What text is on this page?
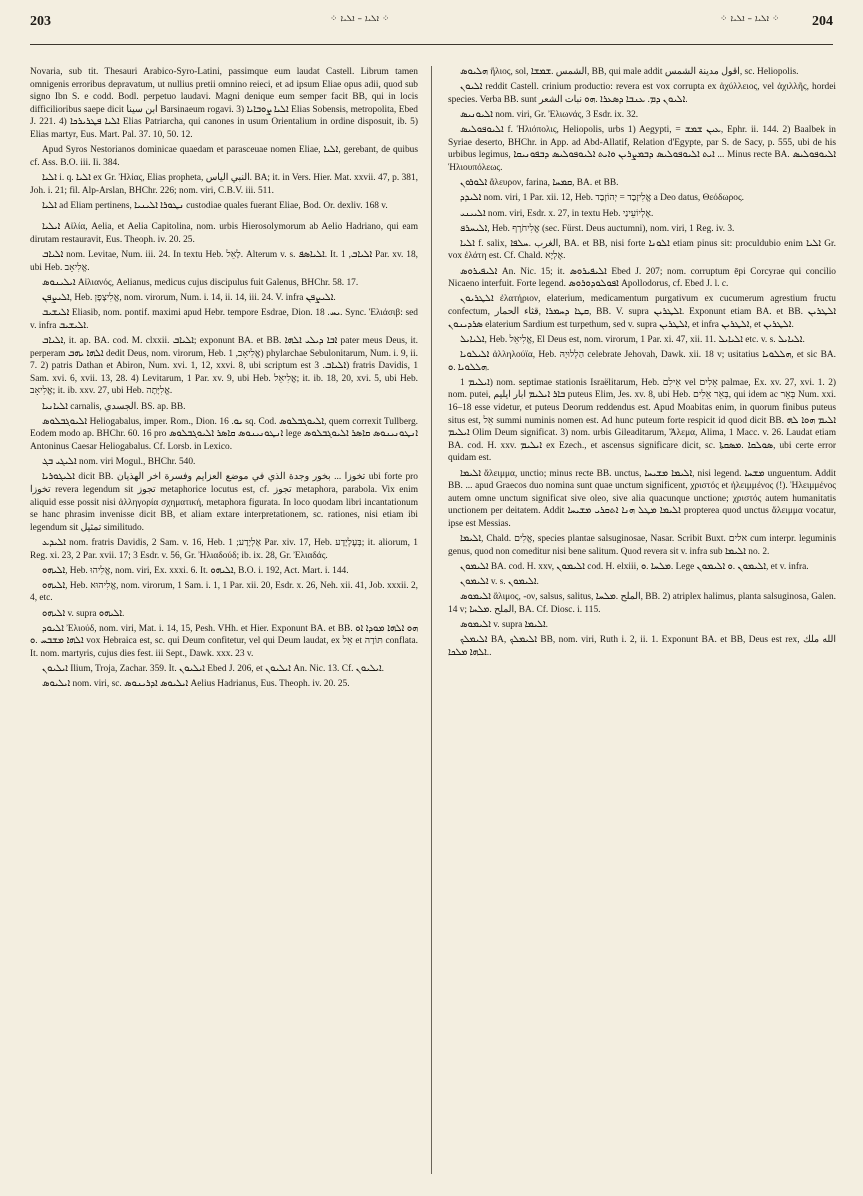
203	⁘ ܐܠܝܐ – ܐܠܝܐ ⁘	⁘ ܐܠܝܐ – ܐܠܝܐ ⁘ 204

Novaria, sub tit. Thesauri Arabico-Syro-Latini, passimque eum laudat Castell. Librum tamen omnigenis erroribus depravatum, ut nullius pretii omnino reieci, et ad ipsum Eliae opus adii, quod sub signo Ibn S. e codd. Bodl. perpetuo laudavi. Magni denique eum semper facit BB, qui in locis difficilioribus saepe dicit ابن سينا Barsinaeum rogavi. 3) ܐܠܝܐ ܨܘܒܐܝܐ Elias Sobensis, metropolita, Ebed J. 221. 4) ܐܠܝܐ ܦܛܪܝܪܟܐ Elias Patriarcha, qui canones in usum Orientalium in ordine disposuit, ib. 5) Elias martyr, Eus. Mart. Pal. 37. 10, 50. 12.

Apud Syros Nestorianos dominicae quaedam et parasceuae nomen Eliae, ܐܠܝܐ, gerebant, de quibus cf. Ass. B.O. iii. Ii. 384.

ܐܠܝܐ i. q. ܐܠܝܐ ex Gr. Ἠλίας, Elias propheta, النبي الياس. BA; it. in Vers. Hier. Mat. xxvii. 47, p. 381, Joh. i. 21; fil. Alp-Arslan, BHChr. 226; nom. viri, C.B.V. iii. 511.

ܐܠܝܐ ad Eliam pertinens, ܢܛܘܪܐ ܐܠܝܢܝܐ custodiae quales fuerant Eliae, Bod. Or. dexliv. 168 v.

ܐܝܠܝܐ Αἰλία, Aelia, et Aelia Capitolina, nom. urbis Hierosolymorum ab Aelio Hadriano, qui eam dirutam restauravit, Eus. Theoph. iv. 20. 25.

ܐܠܝܐܒ nom. Levitae, Num. iii. 24. In textu Heb. לָאֵל. Alterum v. s. ܐܠܝܐܣܦ. It. ܐܠܝܐܒ, 1 Par. xv. 18, ubi Heb. אֱלִיאָב.

ܐܝܠܝܢܘܣ Αἰλιανός, Aelianus, medicus cujus discipulus fuit Galenus, BHChr. 58. 17.

ܐܠܝܨܦܢ, Heb. אֱלִיצָפָן, nom. virorum, Num. i. 14, ii. 14, iii. 24. V. infra ܐܠܝܨܦܢ.

ܐܠܝܫܝܒ Eliasib, nom. pontif. maximi apud Hebr. tempore Esdrae, Dion. ܝܚ. 18. Sync. Ἐλιάσιβ: sed v. infra ܐܠܝܫܝܒ.

ܐܠܝܐܒ, it. ap. BA. cod. M. clxxii. ܐܠܝܐܒ; exponunt BA. et BB. ܐܒܐ ܕܝܠܝ ܐܠܗܐ pater meus Deus, it. perperam ܐܠܗܐ ܝܗܒ dedit Deus, nom. virorum, Heb. אֱלִיאָב, 1) phylarchae Sebulonitarum, Num. i. 9, ii. 7. 2) patris Dathan et Abiron, Num. xvi. 1, 12, xxvi. 8, ubi scriptum est ܐܠܝܐܒ. 3) fratris Davidis, 1 Sam. xvi. 6, xvii. 13, 28. 4) Levitarum, 1 Par. xv. 9, ubi Heb. אֱלִיאֵל; it. ib. 18, 20, xvi. 5, ubi Heb. אֱלִיאָב; it. ib. xxv. 27, ubi Heb. אֱלִיָּתָה.

ܐܠܝܐܢܝܐ carnalis, الجسدي. BS. ap. BB.

ܐܠܝܘܓܒܠܘܣ Heliogabalus, imper. Rom., Dion. ܝܘ. 16 sq. Cod. ܐܠܝܘܓܒܠܘܣ, quem correxit Tullberg. Eodem modo ap. BHChr. 60. 16 pro ܐܢܛܘܢܝܢܘܣ ܩܐܣܪ ܐܠܝܘܓܒܠܘܣ lege ܐܢܛܘܢܝܢܘܣ ܩܐܣܪ ܐܠܝܘܓܒܠܘܣ Antoninus Caesar Heliogabalus. Cf. Lorsb. in Lexico.

ܐܠܝܓܝ ܒܓ nom. viri Mogul., BHChr. 540.

ܐܠܝܓܘܪܝܐ dicit BB. تخوزا ... بخور وجدة الذي في موضع العزايم وفسرة اخر الهذيان ubi forte pro تخوزا revera legendum sit تجوز metaphorice locutus est, cf. تجوز metaphora, parabola. Vix enim aliquid esse possit nisi ἀλληγορία σχηματική, metaphora figurata. In loco quodam libri incantationum se hanc phrasim invenisse dicit BB, et aliam extare interpretationem, sc. rationes, nisi etiam ibi legendum sit تمثيل similitudo.

ܐܠܝܕܥ nom. fratris Davidis, 2 Sam. v. 16, Heb. אֶלְיָדָע; 1 Par. xiv. 17, Heb. בְּעֶלְיָדָע; it. aliorum, 1 Reg. xi. 23, 2 Par. xvii. 17; 3 Esdr. v. 56, Gr. Ἠλιαδούδ; ib. ix. 28, Gr. Ἐλιαδάς.

ܐܠܝܗܘ, Heb. אֱלִיהוּ, nom. viri, Ex. xxxi. 6. It. ܐܠܝܗܘ, B.O. i. 192, Act. Mart. i. 144.

ܐܠܝܗܘ, Heb. אֱלִיהוּא, nom. virorum, 1 Sam. i. 1, 1 Par. xii. 20, Esdr. x. 26, Neh. xii. 41, Job. xxxii. 2, 4, etc.

ܐܠܝܗܘ v. supra ܐܠܝܗܘ.

ܐܠܝܘܕ Ἐλιούδ, nom. viri, Mat. i. 14, 15, Pesh. VHh. et Hier. Exponunt BA. et BB. ܗܘ ܐܠܗܐ ܡܘܕܐ ܐܘ ܐܠܗܐ ܡܫܒܚ .ܘ vox Hebraica est, sc. qui Deum confitetur, vel qui Deum laudat, ex אֵל et תּוֹדָה conflata. It. nom. martyris, cujus dies fest. iii Sept., Dawk. xxx. 23 v.

ܐܝܠܝܘܢ Ilium, Troja, Zachar. 359. It. ܐܝܠܝܘܢ Ebed J. 206, et ܐܝܠܝܘܢ An. Nic. 13. Cf. ܐܝܠܝܘܢ.

ܐܝܠܝܘܣ nom. viri, sc. ܐܝܠܝܘܣ ܐܕܪܝܢܘܣ Aelius Hadrianus, Eus. Theoph. iv. 20. 25.

ܗܠܝܘܣ ἥλιος, sol, الشمس .ܫܡܫܐ, BB, qui male addit اقول مدينة الشمس, sc. Heliopolis.

ܐܠܝܘܢ reddit Castell. crinium productio: revera est vox corrupta ex ἀχύλλειος, vel ἀχιλλῆς, hordei species. Verba BB. sunt ܐܠܝܘܢ ܕܡ. ܥܢܒܐ ܕܣܥܪܐ .ܗܘ نبات الشعر.

ܐܠܝܘܢܝܣ nom. viri, Gr. Ἐλιωνάς, 3 Esdr. ix. 32.

ܐܠܝܘܦܘܠܝܣ f. Ἡλιόπολις, Heliopolis, urbs 1) Aegypti, = ܥܝܢ ܫܡܫ, Ephr. ii. 144. 2) Baalbek in Syriae deserto, BHChr. in App. ad Abd-Allatif, Relation d'Egypte, par S. de Sacy, p. 555, ubi de his urbibus legimus, ܐܝܬ ܐܠܝܘܦܘܠܝܣ ܕܒܡܨܪܝܢ ܘܐܝܬ ܐܠܝܘܦܘܠܝܣ ܕܒܦܘܢܝܩܐ ... Minus recte BA. ܐܠܝܘܦܘܠܝܣ Ἡλιουπόλεως.

ܐܠܘܪܘܢ ἄλευρον, farina, ܩܡܚܐ, BA. et BB.

ܐܠܝܕܕ nom. viri, 1 Par. xii. 12, Heb. אֱלִיזָבָד = יְהוֹזָבָד a Deo datus, Θεόδωρος.

ܐܠܝܝܢܝ nom. viri, Esdr. x. 27, in textu Heb. אֶלְיוֹעֵינַי.

ܐܠܝܚܪܦ, Heb. אֱלִיחֹרֶף (sec. Fürst. Deus auctumni), nom. viri, 1 Reg. iv. 3.

ܐܠܝܐ f. salix, الغرب .ܚܠܦܐ, BA. et BB, nisi forte ܐܠܘܢܐ etiam pinus sit: proculdubio enim ܐܠܝܐ Gr. vox ἐλάτη est. Cf. Chald. אֶלְיָא.

ܐܠܝܦܝܪܘܣ An. Nic. 15; it. ܐܠܝܦܝܪܘܣ Ebed J. 207; nom. corruptum ēpi Corcyrae qui concilio Nicaeno interfuit. Forte legend. ܐܦܘܠܘܕܘܪܘܣ Apollodorus, cf. Ebed J. l. c.

ܐܠܛܪܝܘܢ ἐλατήριον, elaterium, medicamentum purgativum ex cucumerum agrestium fructu confectum, ܩܛܐ ܕܚܡܪܐ ,قثاء الحمار, BB. V. supra ܐܠܛܪܝܢ. Exponunt etiam BA. et BB. ܐܠܛܪܝܢ ܣܪܕܝܢܘܢ elaterium Sardium est turpethum, sed v. supra ܐܠܛܪܝܢ, et infra ܐܠܛܪܝܢ, et ܐܠܛܪܝܢ.

ܐܠܝܐܝܠ, Heb. אֱלִיאֵל, El Deus est, nom. virorum, 1 Par. xi. 47, xii. 11. ܐܠܝܐܝܠ etc. v. s. ܐܠܝܐܝܠ.

ܐܠܝܠܘܝܐ ἀλληλούϊα, Heb. הַלְלוּיָהּ celebrate Jehovah, Dawk. xii. 18 v; usitatius ܗܠܠܘܝܐ, et sic BA. ܗܠܠܘܝܐ .ܘ.

ܐܝܠܝܡ 1) nom. septimae stationis Israëlitarum, Heb. אֵילִם vel אֵלִים palmae, Ex. xv. 27, xvi. 1. 2) nom. putei, ܒܐܪ ܐܝܠܝܡ ابار ايليم puteus Elim, Jes. xv. 8, ubi Heb. בְּאֵר אֵלִים, qui idem ac בְּאֵר Num. xxi. 16–18 esse videtur, et puteus Deorum reddendus est. Apud Moabitas enim, in quorum finibus puteus situs est, אֵל summi numinis nomen est. Ad hunc puteum forte respicit id quod dicit BB. ܐܠܝܡ ܗܘܐ ܠܗ ܐܝܠܝܡ Olim Deum significat. 3) nom. urbis Gileaditarum, Ἄλεμα, Alima, 1 Macc. v. 26. Laudat etiam BA. cod. H. xxv. ܐܝܠܝܡ ex Ezech., et ascensus significare dicit, sc. ܣܘܠܩܐ .ܡܣܩܬܐ, ubi certe error quidam est.

ܐܠܝܡܐ ἄλειμμα, unctio; minus recte BB. unctus, ܐܠܝܡܐ ܡܫܝܚܐ, nisi legend. ܡܫܚܐ unguentum. Addit BB. ... apud Graecos duo nomina sunt quae unctum significent, χριστός et ἠλειμμένος (!). Ἠλειμμένος autem omne unctum significat sive oleo, sive alia quacunque unctione; χριστός autem humanitatis unctionem per deitatem. Addit ܐܠܝܡܐ ܡܛܠ ܗܢܐ ܐܬܩܪܝ ܡܫܝܚܐ propterea quod unctus ἄλειμμα vocatur, ipse est Messias.

ܐܠܝܡܐ, Chald. אֱלִים, species plantae salsuginosae, Nasar. Scribit Buxt. אלים cum interpr. leguminis genus, quod non comeditur nisi bene salitum. Quod revera sit v. infra sub ܐܠܝܡܐ no. 2.

ܐܠܝܡܘܢ BA. cod. H. xxv, ܐܠܝܡܘܢ cod. H. elxiii, ܡܠܚܐ .ܘ. Lege ܐܠܝܡܘܢ .ܘ ܐܠܝܡܘܢ, et v. infra.

ܐܠܝܡܘܢ v. s. ܐܠܝܡܘܢ.

ܐܠܝܡܘܣ ἅλιμος, -ον, salsus, salitus, الملح .ܡܠܚܐ, BB. 2) atriplex halimus, planta salsuginosa, Galen. 14 v; الملح .ܡܠܚܐ, BA. Cf. Diosc. i. 115.

ܐܠܝܡܘܣ v. supra ܐܠܝܡܐ.

ܐܠܝܡܠܟ BA, ܐܠܝܡܠܟ BB, nom. viri, Ruth i. 2, ii. 1. Exponunt BA. et BB, Deus est rex, الله ملك .ܐܠܗܐ ܡܠܟܐ.
